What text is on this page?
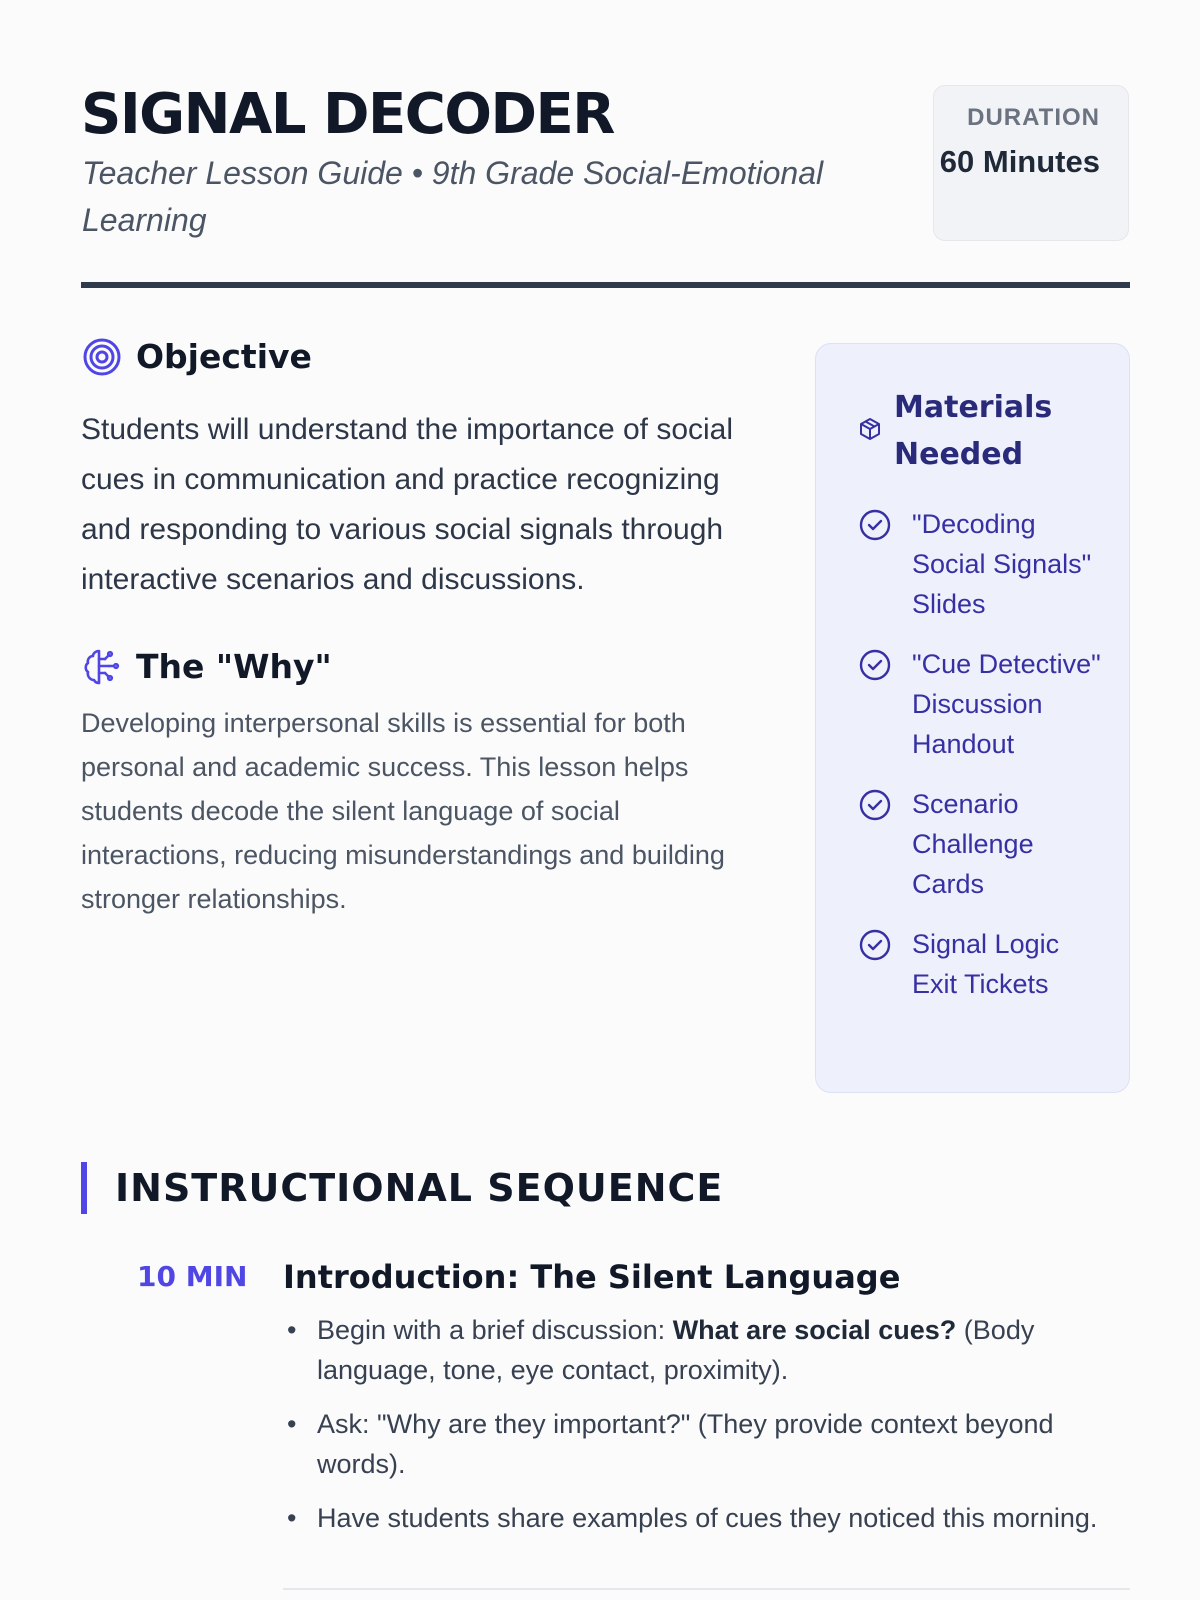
SIGNAL DECODER

Teacher Lesson Guide • 9th Grade Social-Emotional Learning

DURATION
60 Minutes
Objective

Students will understand the importance of social cues in communication and practice recognizing and responding to various social signals through interactive scenarios and discussions.

The "Why"

Developing interpersonal skills is essential for both personal and academic success. This lesson helps students decode the silent language of social interactions, reducing misunderstandings and building stronger relationships.

Materials Needed
"Decoding Social Signals" Slides
"Cue Detective" Discussion Handout
Scenario Challenge Cards
Signal Logic Exit Tickets
INSTRUCTIONAL SEQUENCE
10 MIN Introduction: The Silent Language
• Begin with a brief discussion: What are social cues? (Body language, tone, eye contact, proximity).
• Ask: "Why are they important?" (They provide context beyond words).
• Have students share examples of cues they noticed this morning.
